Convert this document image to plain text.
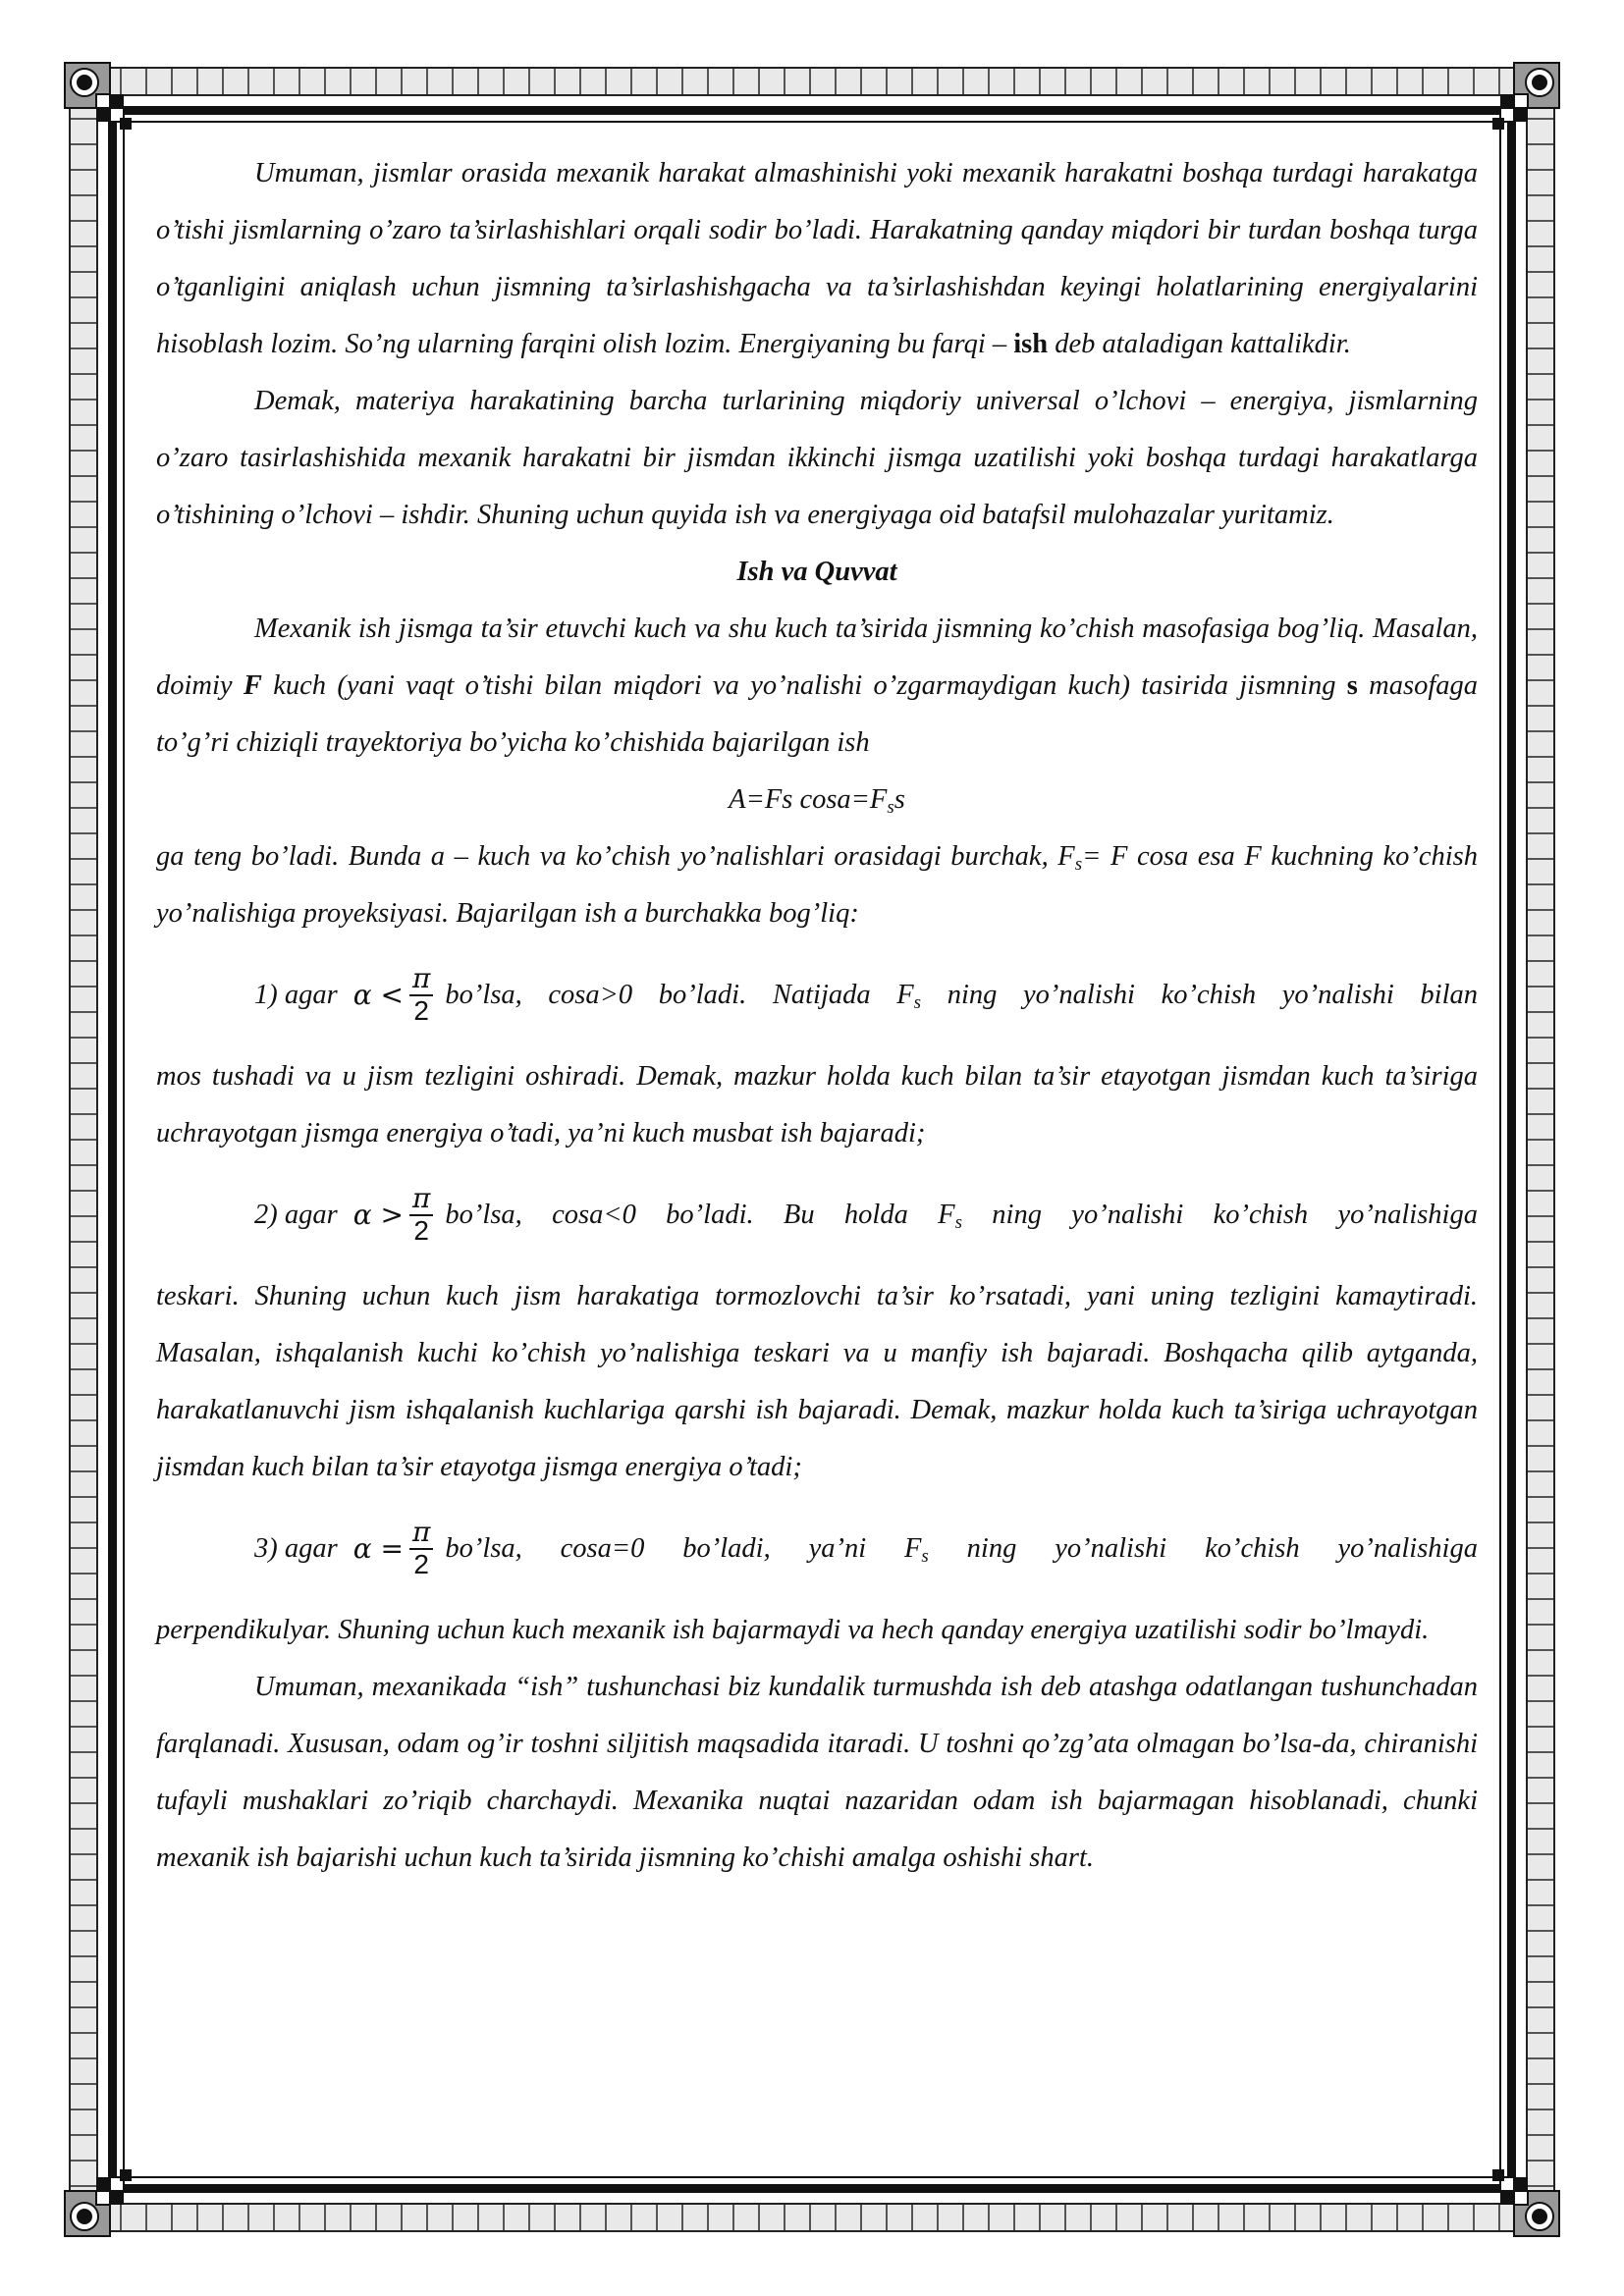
Umuman, jismlar orasida mexanik harakat almashinishi yoki mexanik harakatni boshqa turdagi harakatga o’tishi jismlarning o’zaro ta’sirlashishlari orqali sodir bo’ladi. Harakatning qanday miqdori bir turdan boshqa turga o’tganligini aniqlash uchun jismning ta’sirlashishgacha va ta’sirlashishdan keyingi holatlarining energiyalarini hisoblash lozim. So’ng ularning farqini olish lozim. Energiyaning bu farqi – ish deb ataladigan kattalikdir.

Demak, materiya harakatining barcha turlarining miqdoriy universal o’lchovi – energiya, jismlarning o’zaro tasirlashishida mexanik harakatni bir jismdan ikkinchi jismga uzatilishi yoki boshqa turdagi harakatlarga o’tishining o’lchovi – ishdir. Shuning uchun quyida ish va energiyaga oid batafsil mulohazalar yuritamiz.

Ish va Quvvat

Mexanik ish jismga ta’sir etuvchi kuch va shu kuch ta’sirida jismning ko’chish masofasiga bog’liq. Masalan, doimiy F kuch (yani vaqt o’tishi bilan miqdori va yo’nalishi o’zgarmaydigan kuch) tasirida jismning s masofaga to’g’ri chiziqli trayektoriya bo’yicha ko’chishida bajarilgan ish

A=Fs $\cos a=F_ss$

ga teng bo’ladi. Bunda a – kuch va ko’chish yo’nalishlari orasidagi burchak, $F_s= F$ cosa esa F kuchning ko’chish yo’nalishiga proyeksiyasi. Bajarilgan ish a burchakka bog’liq:

1) agar $\alpha < \frac{\pi}{2}$ bo’lsa, cosa>0 bo’ladi. Natijada $F_s$ ning yo’nalishi ko’chish yo’nalishi bilan

mos tushadi va u jism tezligini oshiradi. Demak, mazkur holda kuch bilan ta’sir etayotgan jismdan kuch ta’siriga uchrayotgan jismga energiya o’tadi, ya’ni kuch musbat ish bajaradi;

2) agar $\alpha > \frac{\pi}{2}$ bo’lsa, cosa<0 bo’ladi. Bu holda $F_s$ ning yo’nalishi ko’chish yo’nalishiga

teskari. Shuning uchun kuch jism harakatiga tormozlovchi ta’sir ko’rsatadi, yani uning tezligini kamaytiradi. Masalan, ishqalanish kuchi ko’chish yo’nalishiga teskari va u manfiy ish bajaradi. Boshqacha qilib aytganda, harakatlanuvchi jism ishqalanish kuchlariga qarshi ish bajaradi. Demak, mazkur holda kuch ta’siriga uchrayotgan jismdan kuch bilan ta’sir etayotga jismga energiya o’tadi;

3) agar $\alpha = \frac{\pi}{2}$ bo’lsa, cosa=0 bo’ladi, ya’ni $F_s$ ning yo’nalishi ko’chish yo’nalishiga

perpendikulyar. Shuning uchun kuch mexanik ish bajarmaydi va hech qanday energiya uzatilishi sodir bo’lmaydi.

Umuman, mexanikada “ish” tushunchasi biz kundalik turmushda ish deb atashga odatlangan tushunchadan farqlanadi. Xususan, odam og’ir toshni siljitish maqsadida itaradi. U toshni qo’zg’ata olmagan bo’lsa-da, chiranishi tufayli mushaklari zo’riqib charchaydi. Mexanika nuqtai nazaridan odam ish bajarmagan hisoblanadi, chunki mexanik ish bajarishi uchun kuch ta’sirida jismning ko’chishi amalga oshishi shart.
